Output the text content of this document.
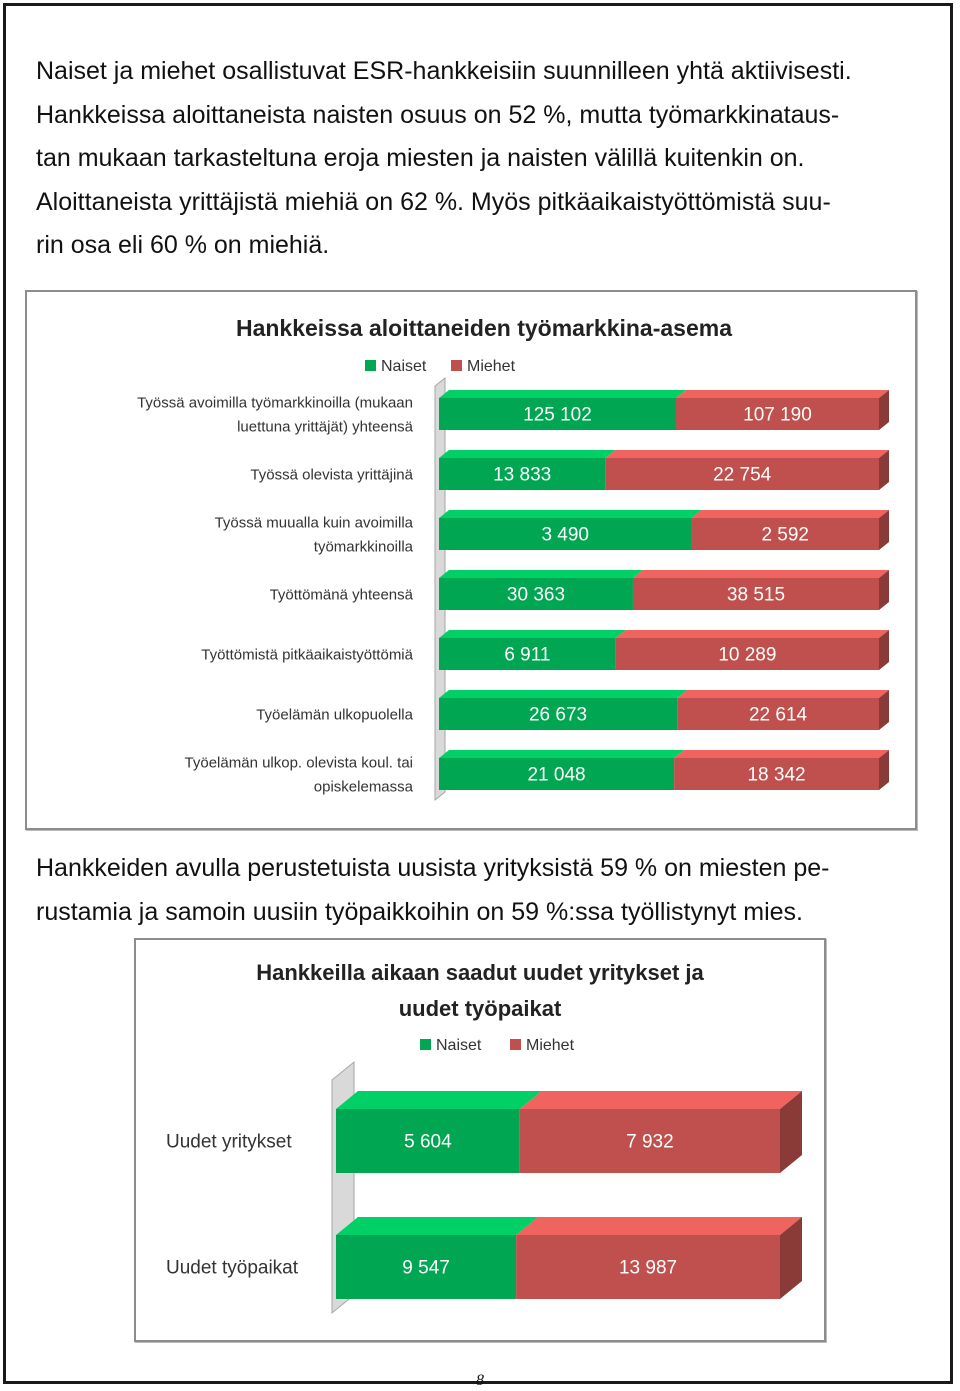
Naiset ja miehet osallistuvat ESR-hankkeisiin suunnilleen yhtä aktiivisesti.
Hankkeissa aloittaneista naisten osuus on 52 %, mutta työmarkkinataus-
tan mukaan tarkasteltuna eroja miesten ja naisten välillä kuitenkin on.
Aloittaneista yrittäjistä miehiä on 62 %. Myös pitkäaikaistyöttömistä suu-
rin osa eli 60 % on miehiä.
Hankkeissa aloittaneiden työmarkkina-asema
Naiset	Miehet
Työssä avoimilla työmarkkinoilla (mukaan
luettuna yrittäjät) yhteensä
125 102	107 190
Työssä olevista yrittäjinä	13 833	22 754
Työssä muualla kuin avoimilla
työmarkkinoilla
3 490	2 592
Työttömänä yhteensä	30 363	38 515
Työttömistä pitkäaikaistyöttömiä	6 911	10 289
Työelämän ulkopuolella	26 673	22 614
Työelämän ulkop. olevista koul. tai
opiskelemassa
21 048	18 342
Hankkeiden avulla perustetuista uusista yrityksistä 59 % on miesten pe-
rustamia ja samoin uusiin työpaikkoihin on 59 %:ssa työllistynyt mies.
Hankkeilla aikaan saadut uudet yritykset ja
uudet työpaikat
Naiset	Miehet
Uudet yritykset	5 604	7 932
Uudet työpaikat	9 547	13 987
8
